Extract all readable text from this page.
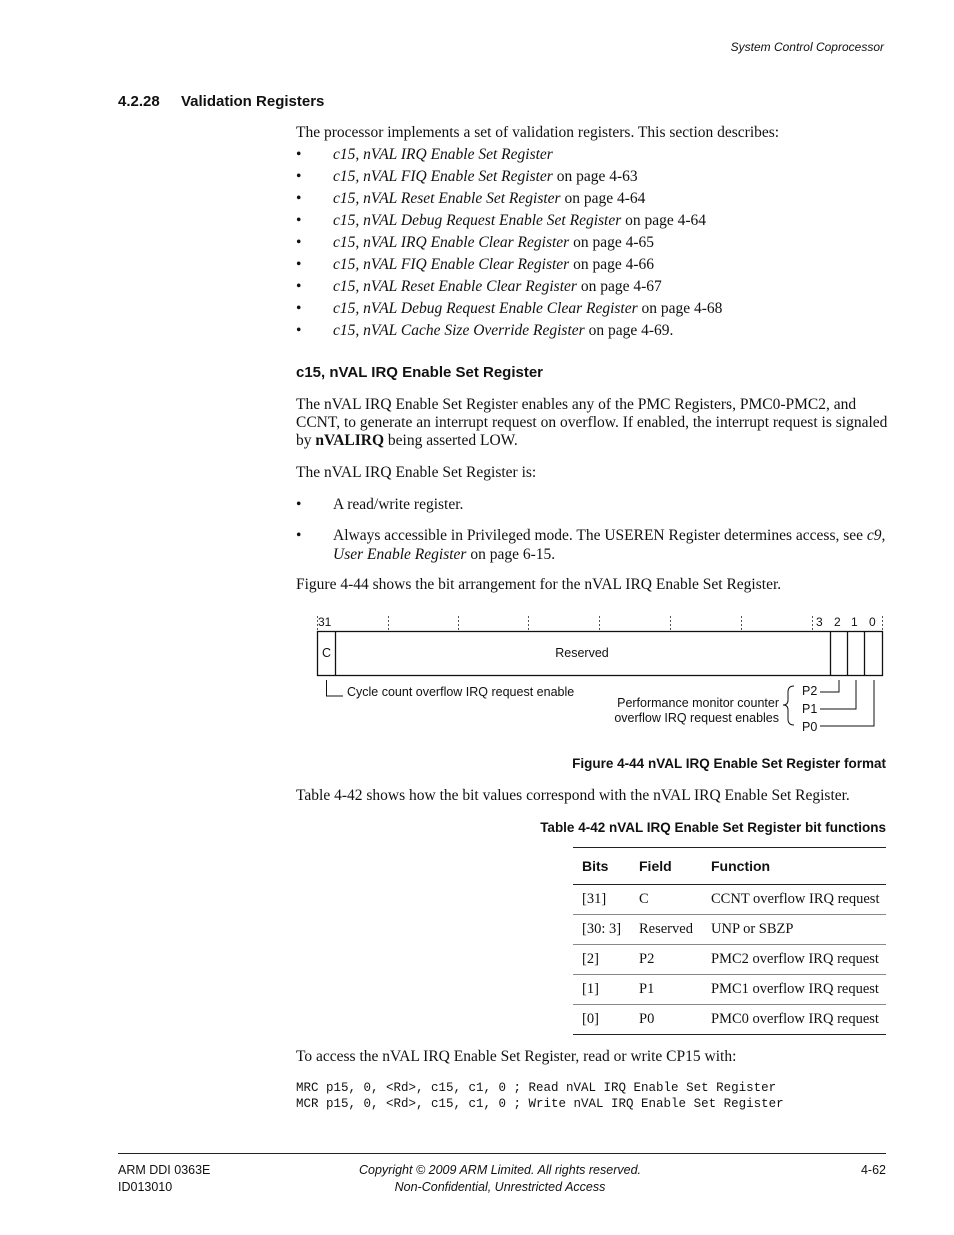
System Control Coprocessor
4.2.28 Validation Registers
The processor implements a set of validation registers. This section describes:
• c15, nVAL IRQ Enable Set Register
• c15, nVAL FIQ Enable Set Register on page 4-63
• c15, nVAL Reset Enable Set Register on page 4-64
• c15, nVAL Debug Request Enable Set Register on page 4-64
• c15, nVAL IRQ Enable Clear Register on page 4-65
• c15, nVAL FIQ Enable Clear Register on page 4-66
• c15, nVAL Reset Enable Clear Register on page 4-67
• c15, nVAL Debug Request Enable Clear Register on page 4-68
• c15, nVAL Cache Size Override Register on page 4-69.
c15, nVAL IRQ Enable Set Register
The nVAL IRQ Enable Set Register enables any of the PMC Registers, PMC0-PMC2, and CCNT, to generate an interrupt request on overflow. If enabled, the interrupt request is signaled by nVALIRQ being asserted LOW.
The nVAL IRQ Enable Set Register is:
• A read/write register.
• Always accessible in Privileged mode. The USEREN Register determines access, see c9, User Enable Register on page 6-15.
Figure 4-44 shows the bit arrangement for the nVAL IRQ Enable Set Register.
31	3 2 1 0
C	Reserved
Cycle count overflow IRQ request enable
Performance monitor counter
overflow IRQ request enables
P2
P1
P0
Figure 4-44 nVAL IRQ Enable Set Register format
Table 4-42 shows how the bit values correspond with the nVAL IRQ Enable Set Register.
Table 4-42 nVAL IRQ Enable Set Register bit functions
Bits	Field	Function
[31]	C	CCNT overflow IRQ request
[30: 3]	Reserved	UNP or SBZP
[2]	P2	PMC2 overflow IRQ request
[1]	P1	PMC1 overflow IRQ request
[0]	P0	PMC0 overflow IRQ request
To access the nVAL IRQ Enable Set Register, read or write CP15 with:
MRC p15, 0, <Rd>, c15, c1, 0 ; Read nVAL IRQ Enable Set Register
MCR p15, 0, <Rd>, c15, c1, 0 ; Write nVAL IRQ Enable Set Register
ARM DDI 0363E
ID013010
Copyright © 2009 ARM Limited. All rights reserved.
Non-Confidential, Unrestricted Access
4-62
